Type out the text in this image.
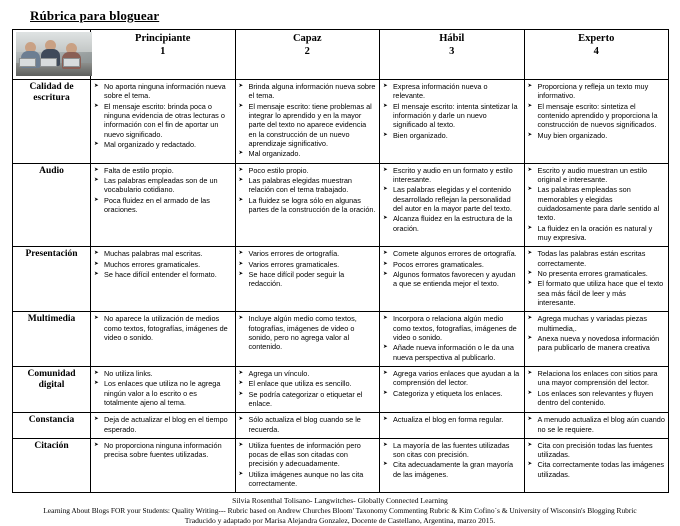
Rúbrica para bloguear

Principiante
1

Capaz
2

Hábil
3

Experto
4

Calidad de escritura	
➤ No aporta ninguna información nueva sobre el tema.
➤ El mensaje escrito: brinda poca o ninguna evidencia de otras lecturas o información con el fin de aportar un nuevo significado.
➤ Mal organizado y redactado.

➤ Brinda alguna información nueva sobre el tema.
➤ El mensaje escrito: tiene problemas al integrar lo aprendido y en la mayor parte del texto no aparece evidencia en la construcción de un nuevo aprendizaje significativo.
➤ Mal organizado.

➤ Expresa información nueva o relevante.
➤ El mensaje escrito: intenta sintetizar la información y darle un nuevo significado al texto.
➤ Bien organizado.

➤ Proporciona y refleja un texto muy informativo.
➤ El mensaje escrito: sintetiza el contenido aprendido y proporciona la construcción de nuevos significados.
➤ Muy bien organizado.

Audio	
➤Falta de estilo propio.
➤ Las palabras empleadas son de un vocabulario cotidiano.
➤ Poca fluidez en el armado de las oraciones.

➤ Poco estilo propio.
➤ Las palabras elegidas muestran relación con el tema trabajado.
➤ La fluidez se logra sólo en algunas partes de la construcción de la oración.

➤ Escrito y audio en un formato y estilo interesante.
➤ Las palabras elegidas y el contenido desarrollado reflejan la personalidad del autor en la mayor parte del texto.
➤ Alcanza fluidez en la estructura de la oración.

➤ Escrito y audio muestran un estilo original e interesante.
➤ Las palabras empleadas son memorables y elegidas cuidadosamente para darle sentido al texto.
➤ La fluidez en la oración es natural y muy expresiva.

Presentación	
➤Muchas palabras mal escritas.
➤ Muchos errores gramaticales.
➤ Se hace difícil entender el formato.

➤ Varios errores de ortografía.
➤ Varios errores gramaticales.
➤ Se hace difícil poder seguir la redacción.

➤ Comete algunos errores de ortografía.
➤ Pocos errores gramaticales.
➤ Algunos formatos favorecen y ayudan a que se entienda mejor el texto.

➤ Todas las palabras están escritas correctamente.
➤ No presenta errores gramaticales.
➤ El formato que utiliza hace que el texto sea más fácil de leer y más interesante.

Multimedia	
➤No aparece la utilización de medios como textos, fotografías, imágenes de video o sonido.

➤ Incluye algún medio como textos, fotografías, imágenes de video o sonido, pero no agrega valor al contenido.

➤ Incorpora o relaciona algún medio como textos, fotografías, imágenes de video o sonido.
➤ Añade nueva información o le da una nueva perspectiva al publicarlo.

➤ Agrega muchas y variadas piezas multimedia,.
➤ Anexa nueva y novedosa información para publicarlo de manera creativa

Comunidad digital	
➤ No utiliza links.
➤ Los enlaces que utiliza no le agrega ningún valor a lo escrito o es totalmente ajeno al tema.

➤ Agrega un vínculo.
➤ El enlace que utiliza es sencillo.
➤ Se podría categorizar o etiquetar el enlace.

➤ Agrega varios enlaces que ayudan a la comprensión del lector.
➤ Categoriza y etiqueta los enlaces.

➤ Relaciona los enlaces con sitios para una mayor comprensión del lector.
➤ Los enlaces son relevantes y fluyen dentro del contenido.

Constancia	
➤Deja de actualizar el blog en el tiempo esperado.

➤ Sólo actualiza el blog cuando se le recuerda.

➤ Actualiza el blog en forma regular.

➤A menudo actualiza el blog aún cuando no se le requiere.

Citación	
➤No proporciona ninguna información precisa sobre fuentes utilizadas.

➤ Utiliza fuentes de información pero pocas de ellas son citadas con precisión y adecuadamente.
➤ Utiliza imágenes aunque no las cita correctamente.

➤ La mayoría de las fuentes utilizadas son citas con precisión.
➤ Cita adecuadamente la gran mayoría de las imágenes.

➤ Cita con precisión todas las fuentes utilizadas.
➤ Cita correctamente todas las imágenes utilizadas.
Silvia Rosenthal Tolisano- Langwitches- Globally Connected Learning
Learning About Blogs FOR your Students: Quality Writing--- Rubric based on Andrew Churches Bloom' Taxonomy Commenting Rubric & Kim Cofino´s & University of Wisconsin's Blogging Rubric
Traducido y adaptado por Marisa Alejandra Gonzalez, Docente de Castellano, Argentina, marzo 2015.
